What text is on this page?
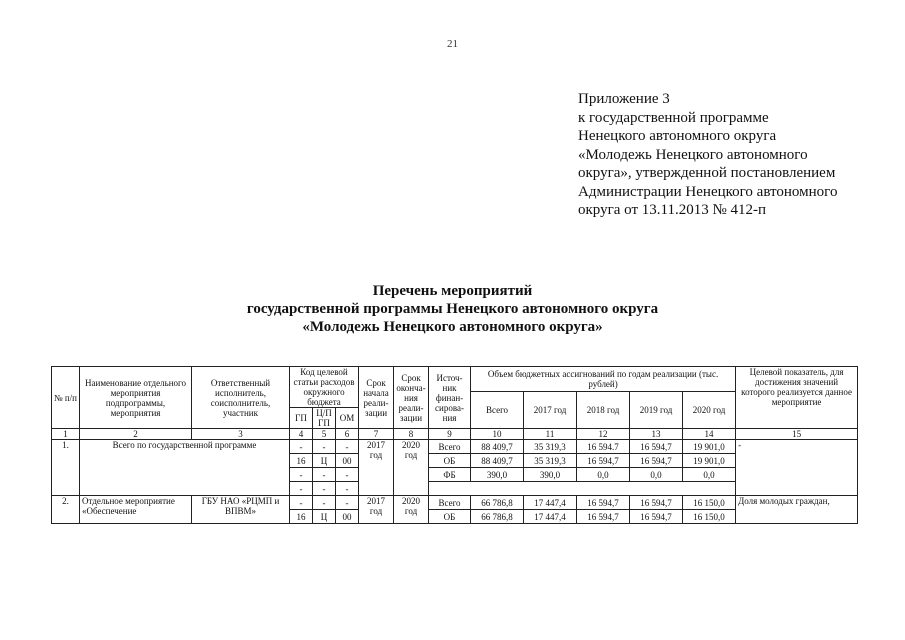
21
Приложение 3
к государственной программе
Ненецкого автономного округа
«Молодежь Ненецкого автономного
округа», утвержденной постановлением
Администрации Ненецкого автономного
округа от 13.11.2013 № 412-п
Перечень мероприятий
государственной программы Ненецкого автономного округа
«Молодежь Ненецкого автономного округа»
№ п/п	Наименование отдельного мероприятия подпрограммы, мероприятия	Ответственный исполнитель, соисполнитель, участник	Код целевой статьи расходов окружного бюджета			Срок начала реали-зации	Срок оконча-ния реали-зации	Источ-ник финан-сирова-ния	Объем бюджетных ассигнований по годам реализации (тыс. рублей)					Целевой показатель, для достижения значений которого реализуется данное мероприятие
									Всего	2017 год	2018 год	2019 год	2020 год	
			ГП	Ц/П ГП	ОМ									
1	2	3	4	5	6	7	8	9	10	11	12	13	14	15
1.	Всего по государственной программе		-	-	-	2017 год	2020 год	Всего	88 409,7	35 319,3	16 594.7	16 594,7	19 901,0	-
			16	Ц	00			ОБ	88 409,7	35 319,3	16 594,7	16 594,7	19 901,0	
			-	-	-			ФБ	390,0	390,0	0,0	0,0	0,0	
			-	-	-									
2.	Отдельное мероприятие «Обеспечение	ГБУ НАО «РЦМП и ВПВМ»	-	-	-	2017 год	2020 год	Всего	66 786,8	17 447,4	16 594,7	16 594,7	16 150,0	Доля молодых граждан,
			16	Ц	00			ОБ	66 786,8	17 447,4	16 594,7	16 594,7	16 150,0	
